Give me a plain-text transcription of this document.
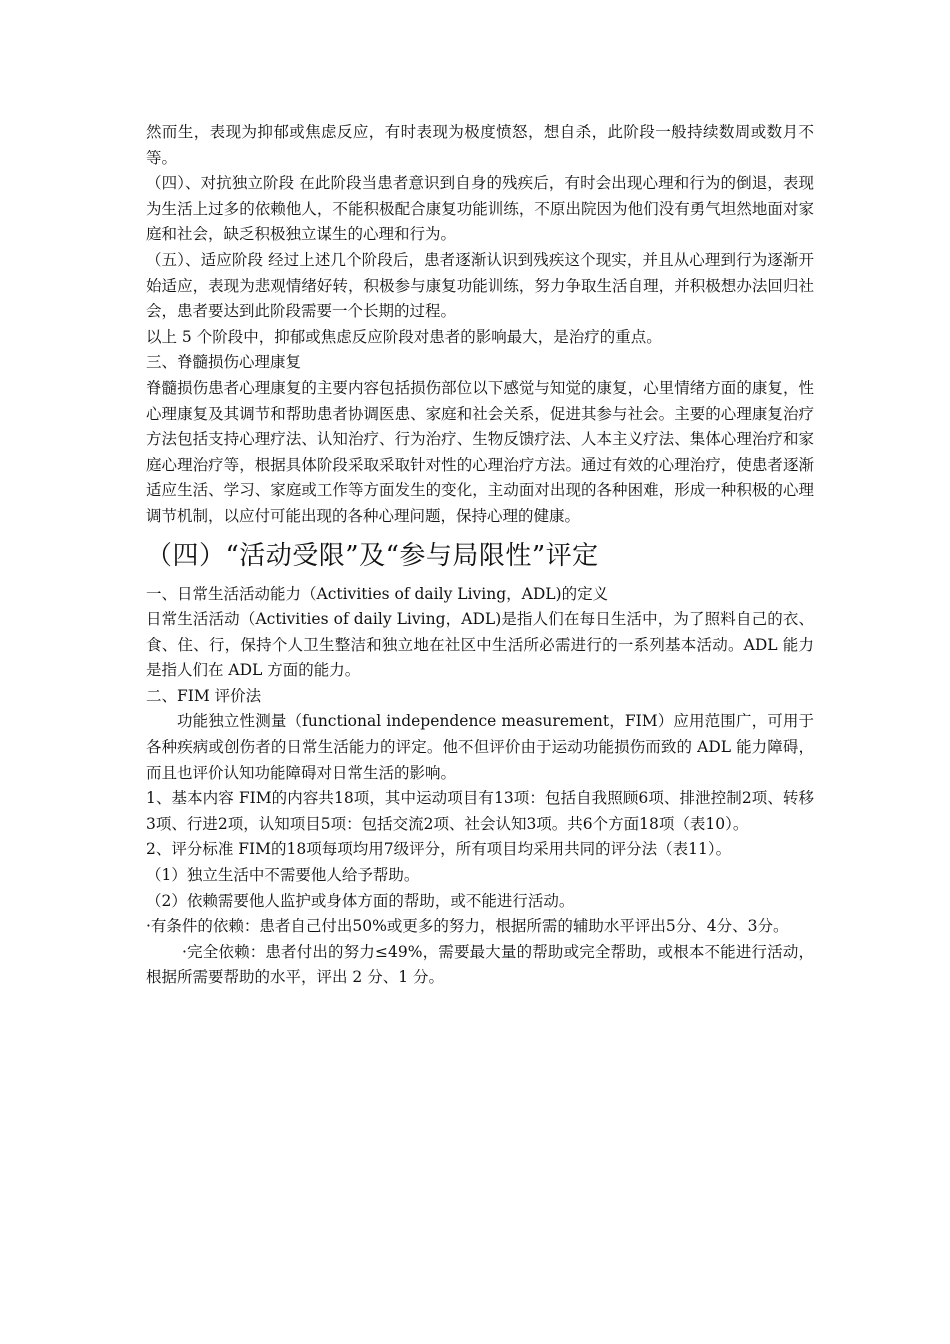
然而生，表现为抑郁或焦虑反应，有时表现为极度愤怒，想自杀，此阶段一般持续数周或数月不等。

（四）、对抗独立阶段 在此阶段当患者意识到自身的残疾后，有时会出现心理和行为的倒退，表现为生活上过多的依赖他人，不能积极配合康复功能训练，不原出院因为他们没有勇气坦然地面对家庭和社会，缺乏积极独立谋生的心理和行为。

（五）、适应阶段 经过上述几个阶段后，患者逐渐认识到残疾这个现实，并且从心理到行为逐渐开始适应，表现为悲观情绪好转，积极参与康复功能训练，努力争取生活自理，并积极想办法回归社会，患者要达到此阶段需要一个长期的过程。

以上 5 个阶段中，抑郁或焦虑反应阶段对患者的影响最大，是治疗的重点。

三、脊髓损伤心理康复

脊髓损伤患者心理康复的主要内容包括损伤部位以下感觉与知觉的康复，心里情绪方面的康复，性心理康复及其调节和帮助患者协调医患、家庭和社会关系，促进其参与社会。主要的心理康复治疗方法包括支持心理疗法、认知治疗、行为治疗、生物反馈疗法、人本主义疗法、集体心理治疗和家庭心理治疗等，根据具体阶段采取采取针对性的心理治疗方法。通过有效的心理治疗，使患者逐渐适应生活、学习、家庭或工作等方面发生的变化，主动面对出现的各种困难，形成一种积极的心理调节机制，以应付可能出现的各种心理问题，保持心理的健康。

（四）“活动受限”及“参与局限性”评定

一、日常生活活动能力（Activities of daily Living，ADL)的定义

日常生活活动（Activities of daily Living，ADL)是指人们在每日生活中，为了照料自己的衣、食、住、行，保持个人卫生整洁和独立地在社区中生活所必需进行的一系列基本活动。ADL 能力是指人们在 ADL 方面的能力。

二、FIM 评价法

功能独立性测量（functional independence measurement，FIM）应用范围广，可用于各种疾病或创伤者的日常生活能力的评定。他不但评价由于运动功能损伤而致的 ADL 能力障碍，而且也评价认知功能障碍对日常生活的影响。

1、基本内容 FIM的内容共18项，其中运动项目有13项：包括自我照顾6项、排泄控制2项、转移3项、行进2项，认知项目5项：包括交流2项、社会认知3项。共6个方面18项（表10）。

2、评分标准 FIM的18项每项均用7级评分，所有项目均采用共同的评分法（表11）。

（1）独立生活中不需要他人给予帮助。

（2）依赖需要他人监护或身体方面的帮助，或不能进行活动。

·有条件的依赖：患者自己付出50%或更多的努力，根据所需的辅助水平评出5分、4分、3分。

·完全依赖：患者付出的努力≤49%，需要最大量的帮助或完全帮助，或根本不能进行活动，根据所需要帮助的水平，评出 2 分、1 分。
